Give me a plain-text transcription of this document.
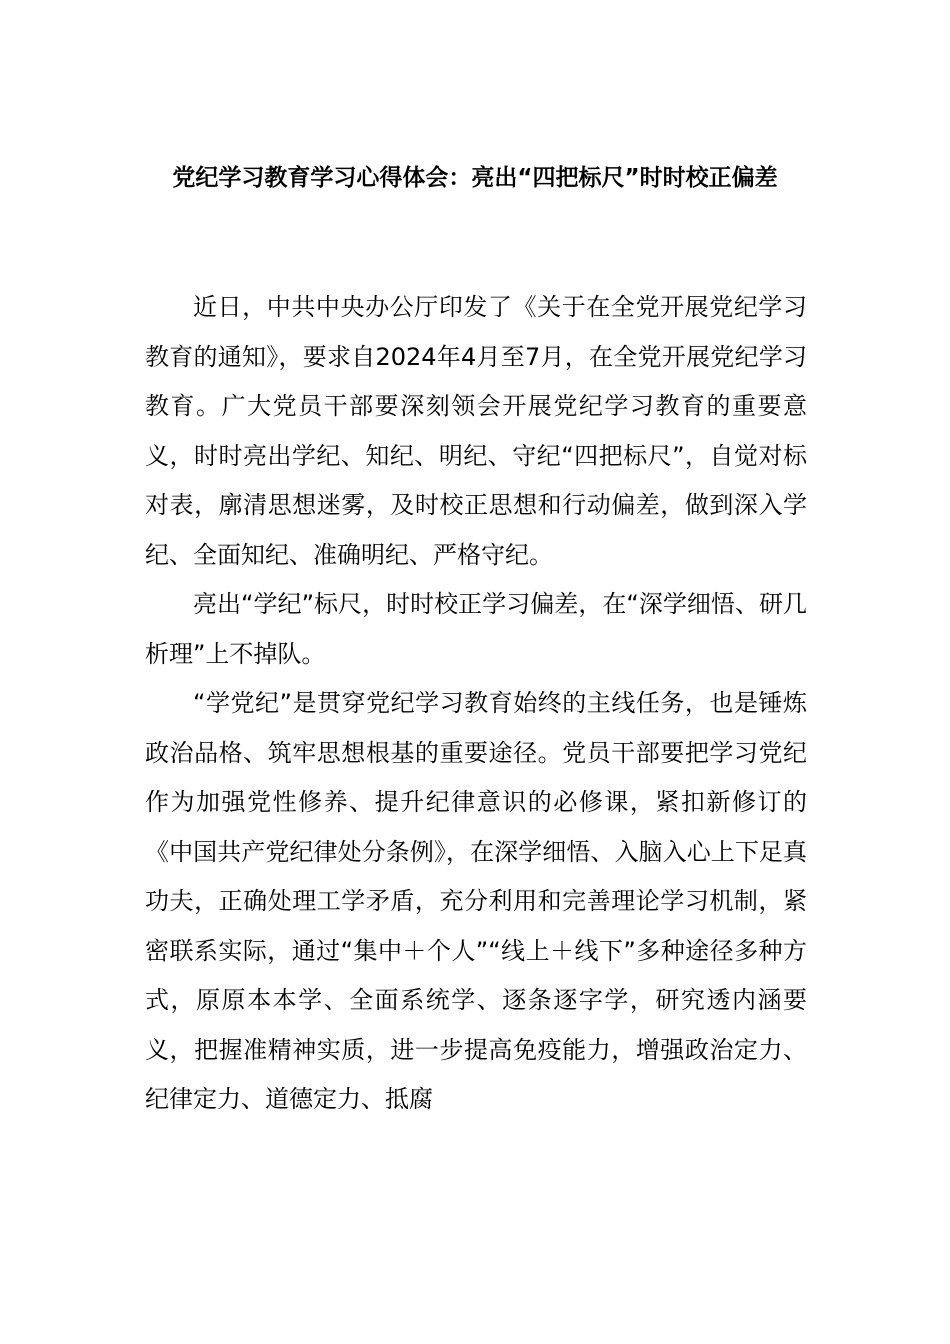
党纪学习教育学习心得体会：亮出“四把标尺”时时校正偏差

近日，中共中央办公厅印发了《关于在全党开展党纪学习教育的通知》，要求自2024年4月至7月，在全党开展党纪学习教育。广大党员干部要深刻领会开展党纪学习教育的重要意义，时时亮出学纪、知纪、明纪、守纪“四把标尺”，自觉对标对表，廓清思想迷雾，及时校正思想和行动偏差，做到深入学纪、全面知纪、准确明纪、严格守纪。

亮出“学纪”标尺，时时校正学习偏差，在“深学细悟、研几析理”上不掉队。

“学党纪”是贯穿党纪学习教育始终的主线任务，也是锤炼政治品格、筑牢思想根基的重要途径。党员干部要把学习党纪作为加强党性修养、提升纪律意识的必修课，紧扣新修订的《中国共产党纪律处分条例》，在深学细悟、入脑入心上下足真功夫，正确处理工学矛盾，充分利用和完善理论学习机制，紧密联系实际，通过“集中＋个人”“线上＋线下”多种途径多种方式，原原本本学、全面系统学、逐条逐字学，研究透内涵要义，把握准精神实质，进一步提高免疫能力，增强政治定力、纪律定力、道德定力、抵腐
